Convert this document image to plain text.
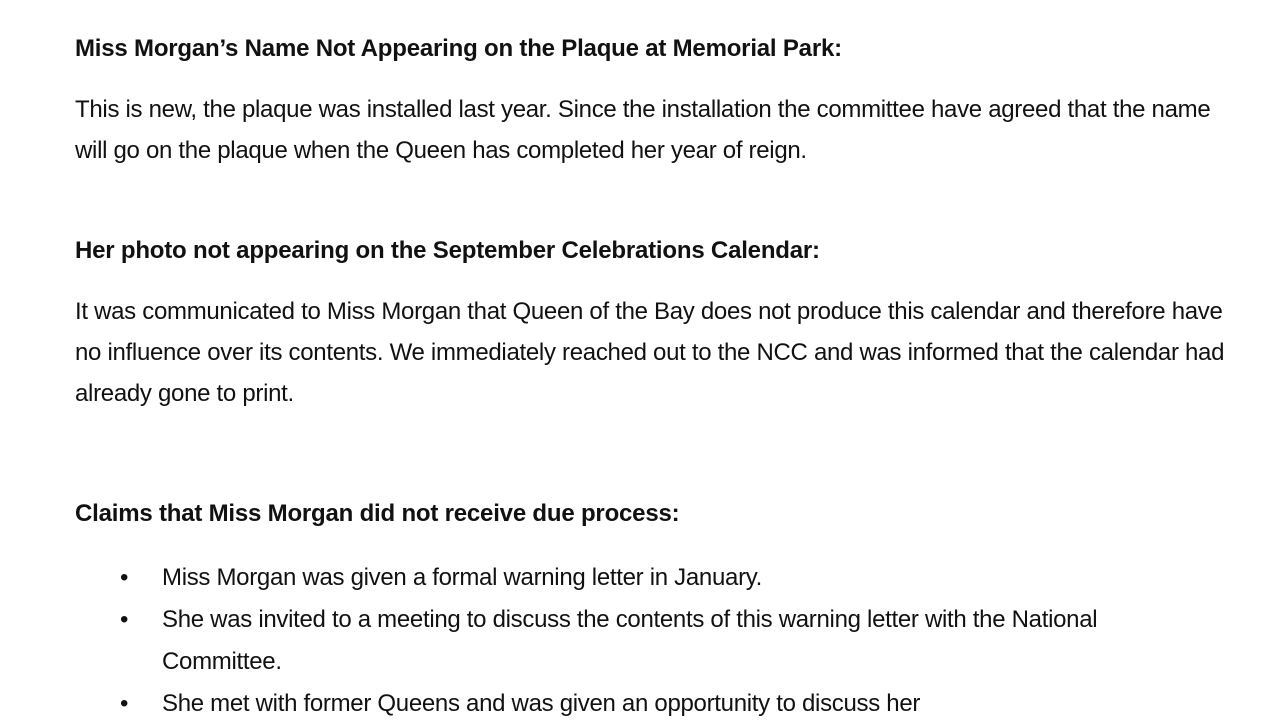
Miss Morgan’s Name Not Appearing on the Plaque at Memorial Park:

This is new, the plaque was installed last year. Since the installation the committee have agreed that the name will go on the plaque when the Queen has completed her year of reign.

Her photo not appearing on the September Celebrations Calendar:

It was communicated to Miss Morgan that Queen of the Bay does not produce this calendar and therefore have no influence over its contents. We immediately reached out to the NCC and was informed that the calendar had already gone to print.

Claims that Miss Morgan did not receive due process:
• Miss Morgan was given a formal warning letter in January.
• She was invited to a meeting to discuss the contents of this warning letter with the National Committee.
• She met with former Queens and was given an opportunity to discuss her
